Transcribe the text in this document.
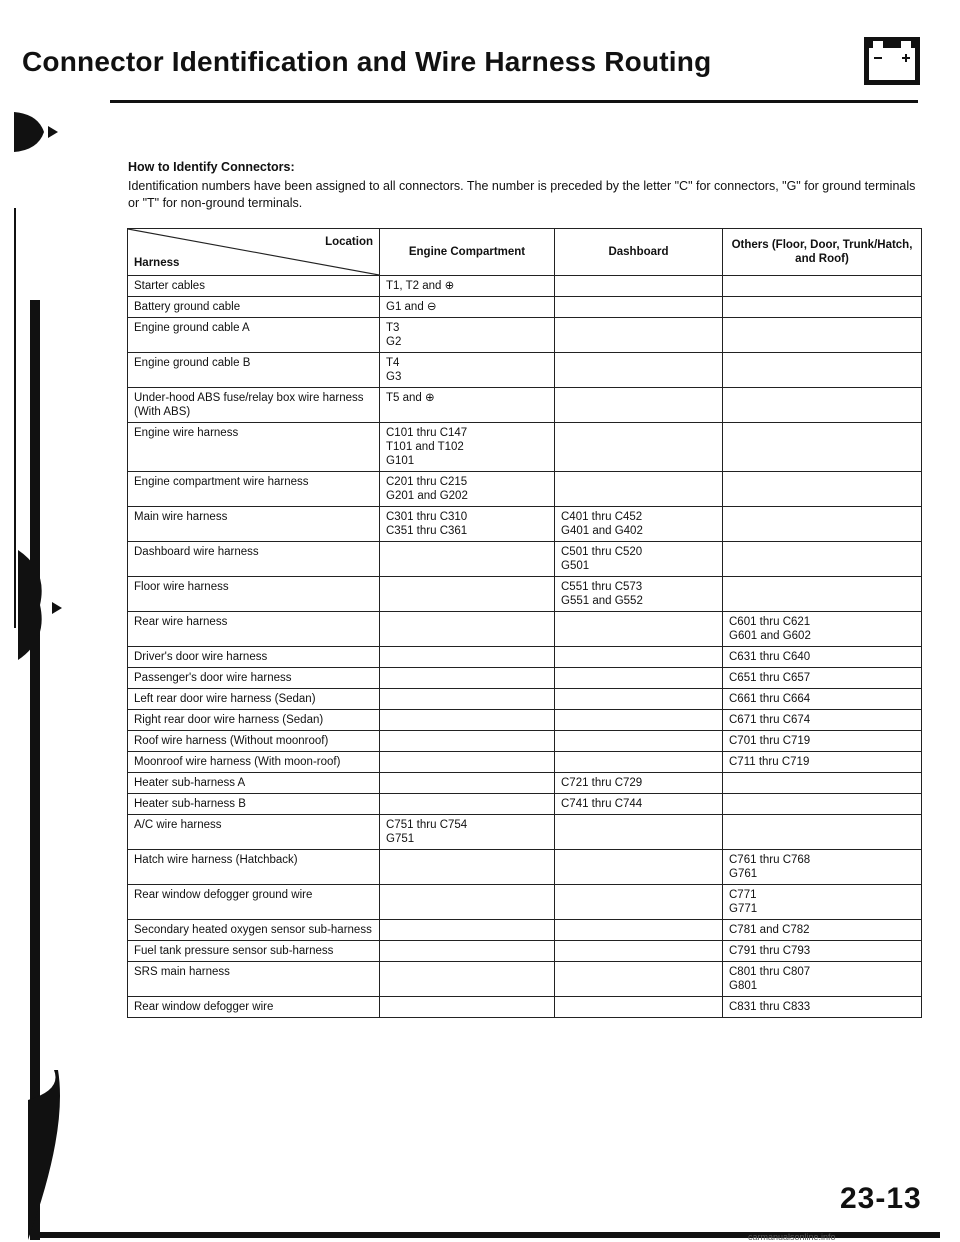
Connector Identification and Wire Harness Routing
How to Identify Connectors:
Identification numbers have been assigned to all connectors. The number is preceded by the letter "C" for connectors, "G" for ground terminals or "T" for non-ground terminals.
Location
Harness	Engine Compartment	Dashboard	Others (Floor, Door, Trunk/Hatch, and Roof)
Starter cables	T1, T2 and ⊕		
Battery ground cable	G1 and ⊖		
Engine ground cable A	T3
G2		
Engine ground cable B	T4
G3		
Under-hood ABS fuse/relay box wire harness (With ABS)	T5 and ⊕		
Engine wire harness	C101 thru C147
T101 and T102
G101		
Engine compartment wire harness	C201 thru C215
G201 and G202		
Main wire harness	C301 thru C310
C351 thru C361	C401 thru C452
G401 and G402	
Dashboard wire harness		C501 thru C520
G501	
Floor wire harness		C551 thru C573
G551 and G552	
Rear wire harness			C601 thru C621
G601 and G602
Driver's door wire harness			C631 thru C640
Passenger's door wire harness			C651 thru C657
Left rear door wire harness (Sedan)			C661 thru C664
Right rear door wire harness (Sedan)			C671 thru C674
Roof wire harness (Without moonroof)			C701 thru C719
Moonroof wire harness (With moon-roof)			C711 thru C719
Heater sub-harness A		C721 thru C729	
Heater sub-harness B		C741 thru C744	
A/C wire harness	C751 thru C754
G751		
Hatch wire harness (Hatchback)			C761 thru C768
G761
Rear window defogger ground wire			C771
G771
Secondary heated oxygen sensor sub-harness			C781 and C782
Fuel tank pressure sensor sub-harness			C791 thru C793
SRS main harness			C801 thru C807
G801
Rear window defogger wire			C831 thru C833
23-13
carmanualsonline.info
